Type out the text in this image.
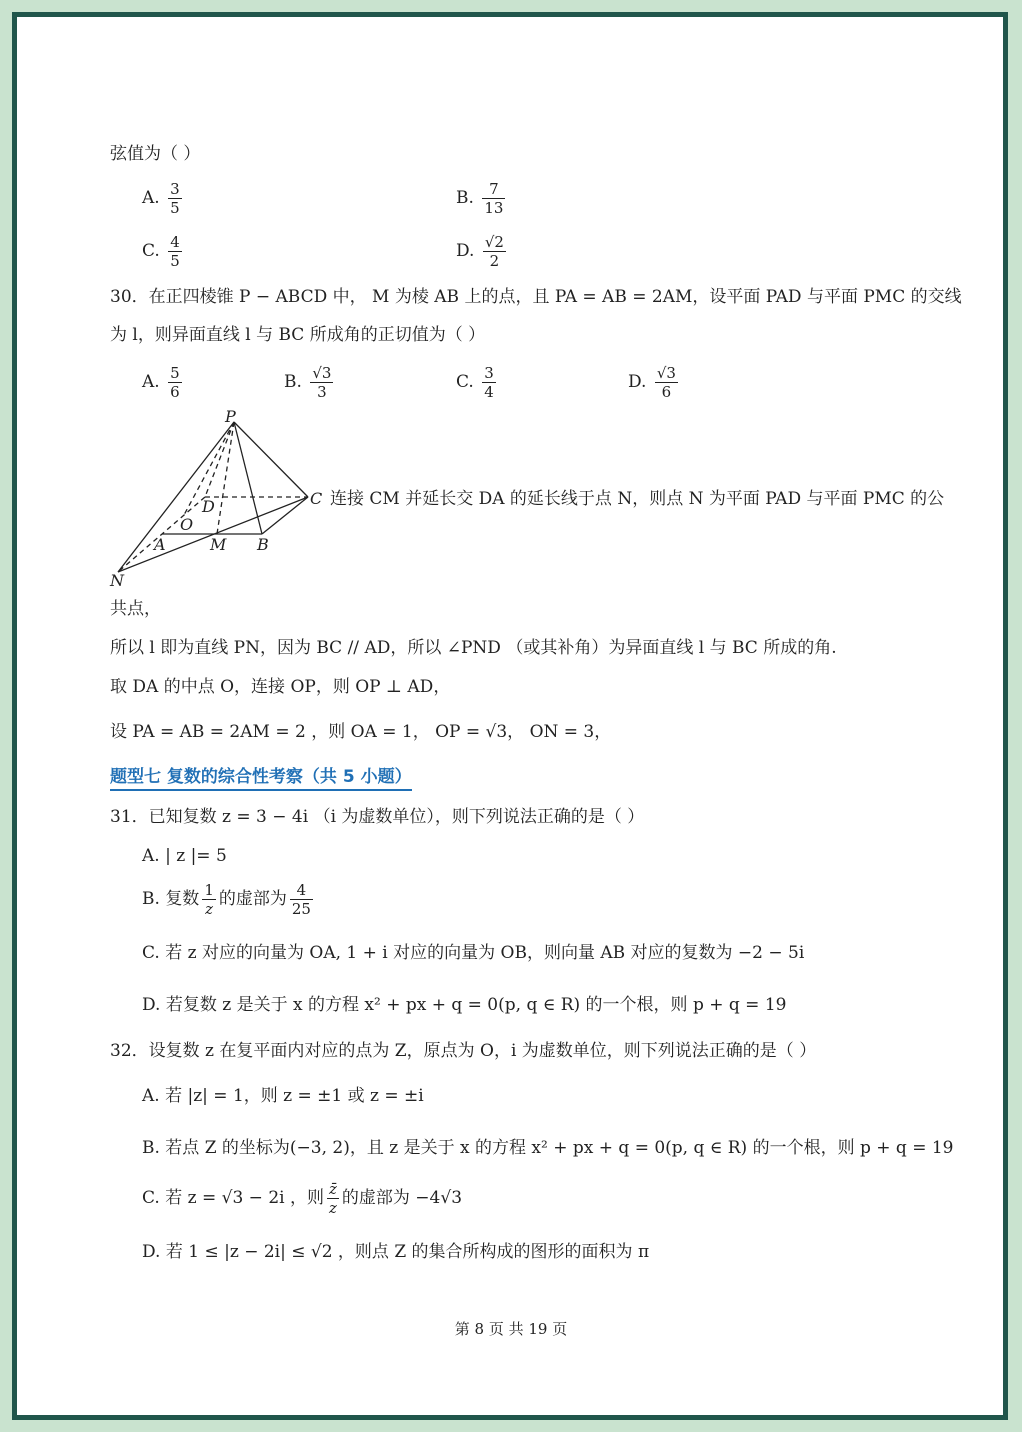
弦值为（ ）
A. $\frac{3}{5}$	B. $\frac{7}{13}$
C. $\frac{4}{5}$	D. $\frac{√2}{2}$
30．在正四棱锥 P − ABCD 中， M 为棱 AB 上的点，且 PA = AB = 2AM，设平面 PAD 与平面 PMC 的交线
为 l，则异面直线 l 与 BC 所成角的正切值为（ ）
A. $\frac{5}{6}$	B. $\frac{√3}{3}$	C. $\frac{3}{4}$	D. $\frac{√3}{6}$
P
D	C
O
A	M B
N
连接 CM 并延长交 DA 的延长线于点 N，则点 N 为平面 PAD 与平面 PMC 的公
共点，
所以 l 即为直线 PN，因为 BC // AD，所以 ∠PND （或其补角）为异面直线 l 与 BC 所成的角.
取 DA 的中点 O，连接 OP，则 OP ⊥ AD，
设 PA = AB = 2AM = 2 ，则 OA = 1， OP = √3， ON = 3，
题型七 复数的综合性考察（共 5 小题）
31．已知复数 z = 3 − 4i （i 为虚数单位），则下列说法正确的是（ ）
A. | z |= 5
B. 复数 $\frac{1}{z}$ 的虚部为 $\frac{4}{25}$
C. 若 z 对应的向量为 OA, 1 + i 对应的向量为 OB，则向量 AB 对应的复数为 −2 − 5i
D. 若复数 z 是关于 x 的方程 x² + px + q = 0(p, q ∈ R) 的一个根，则 p + q = 19
32．设复数 z 在复平面内对应的点为 Z，原点为 O，i 为虚数单位，则下列说法正确的是（ ）
A. 若 |z| = 1，则 z = ±1 或 z = ±i
B. 若点 Z 的坐标为(−3, 2)，且 z 是关于 x 的方程 x² + px + q = 0(p, q ∈ R) 的一个根，则 p + q = 19
C. 若 z = √3 − 2i ，则 $\frac{z̄}{z}$ 的虚部为 −4√3
D. 若 1 ≤ |z − 2i| ≤ √2 ，则点 Z 的集合所构成的图形的面积为 π
第 8 页 共 19 页
